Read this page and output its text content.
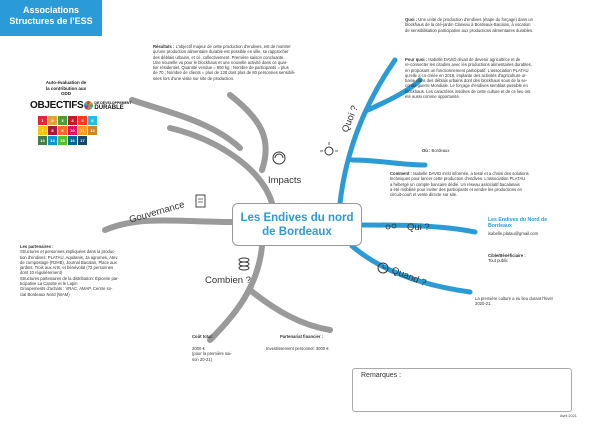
Associations
Structures de l'ESS
Les Endives du nord
de Bordeaux
Impacts
Quoi ?
Qui ?
Quand ?
Combien ?
Gouvernance
Auto-évaluation de
la contribution aux
ODD
OBJECTIFS	DE DÉVELOPPEMENT
DURABLE
1	2	3	4	5	6
7	8	9	10	11	12
13	14	15	16	17
Résultats : L'objectif majeur de cette production d'endives, est de montrer
qu'une production alimentaire durable est possible en ville, se rapprocher
des déblais urbains, et ce, collectivement. Première saison concluante.
Une nouvelle va pour le blockhaus et une nouvelle activité dans ce quar-
tier résidentiel. Quantité vendue = 850 kg ; Nombre de participants = plus
de 70 ; Nombre de clients = plus de 130 dont plus de 80 personnes sensibili-
sées lors d'une visite sur site de production.
Quoi : Une unité de production d'endives (étape du forçage) dans un
blockhaus de la cité-jardin Claveau à Bordeaux-Bacalan, à vocation
de sensibilisation participative aux productions alimentaires durables.
Pour quoi : Isabelle DAVID rêvait de devenir agricultrice et de
re-connecter les citadins avec les productions alimentaires durables,
en proposant un fonctionnement participatif. L'association PLATAU
qu'elle a co-créée en 2018, implante des activités d'agriculture ur-
baine dans des déblais urbains dont des blockhaus sous de la se-
conde guerre Mondiale. Le forçage d'endives semblait possible en
blockhaus. Les caractères insolites de cette culture et de ce lieu ont
été aussi comme opportunité.
Où : Bordeaux
Comment : Isabelle DAVID s'est informée, a testé et a choisi des solutions
techniques pour lancer cette production d'endives. L'association PLATAU
a hébergé un compte bancaire dédié. Un réseau associatif bacalanais
a été mobilisé pour inviter des participants et vendre les productions en
circuit-court et vente directe sur site.
Les Endives du Nord de
Bordeaux
isabelle.platau@gmail.com
Cible/Bénéficiaire :
Tout public
La première culture a eu lieu durant l'hiver
2020-21.
Les partenaires :
Structures et personnes impliquées dans la produc-
tion d'endives: PLATAU, Aquitanis, Ja agrumes, Atev
de compostage (R2HB), Journal Bacalan, Place aux
jardins, Trois aux Arts, et bénévolat (72 personnes
dont 10 régulièrement)
Structures partenaires de la distribution: Épicerie par-
ticipative La Carotte et le Lapin
Groupements d'achats : VRAC, AMAP, Centre so-
cial Bordeaux Nord (WAM)
Coût total:
2000 €
(pour la première sai-
son 20-21)
Partenariat financier :
Investissement personnel: 3000 €
Remarques :
Avril 2021
